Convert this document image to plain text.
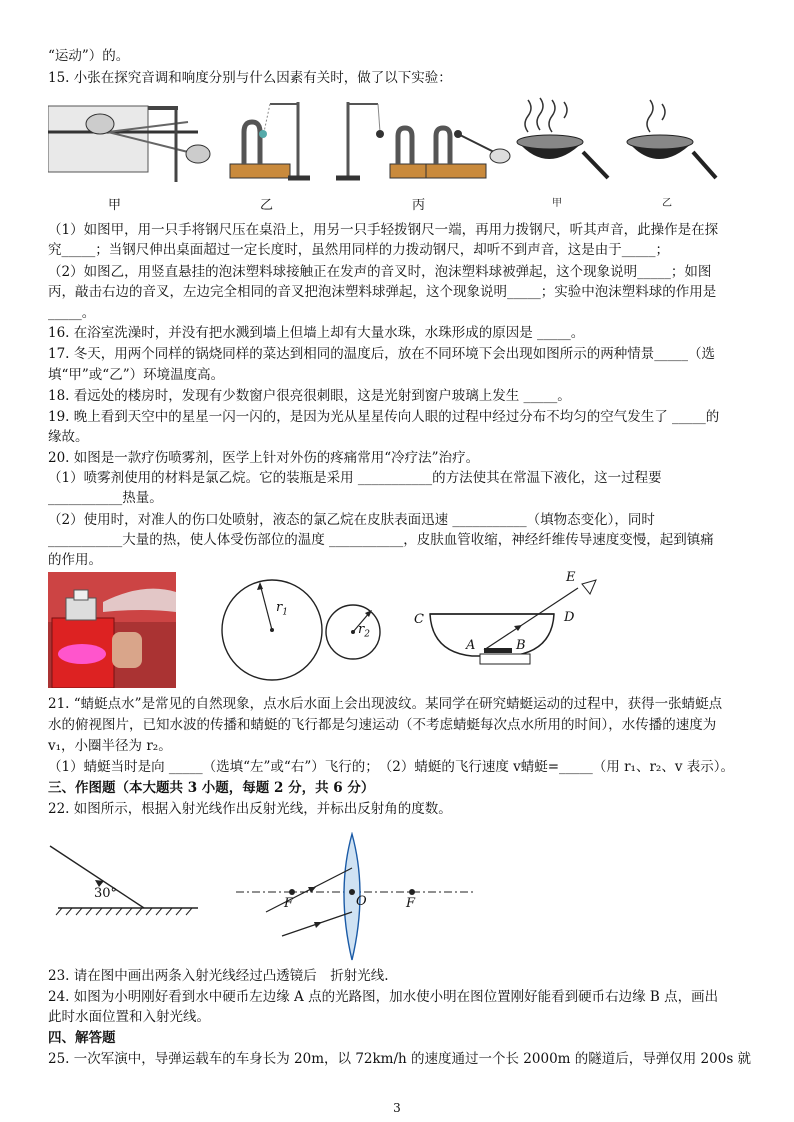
“运动”）的。
15. 小张在探究音调和响度分别与什么因素有关时，做了以下实验：
甲	乙	丙	甲	乙
（1）如图甲，用一只手将钢尺压在桌沿上，用另一只手轻拨钢尺一端，再用力拨钢尺，听其声音，此操作是在探
究_____；当钢尺伸出桌面超过一定长度时，虽然用同样的力拨动钢尺，却听不到声音，这是由于_____；
（2）如图乙，用竖直悬挂的泡沫塑料球接触正在发声的音叉时，泡沫塑料球被弹起，这个现象说明_____；如图
丙，敲击右边的音叉，左边完全相同的音叉把泡沫塑料球弹起，这个现象说明_____；实验中泡沫塑料球的作用是
_____。
16. 在浴室洗澡时，并没有把水溅到墙上但墙上却有大量水珠，水珠形成的原因是 _____。
17. 冬天，用两个同样的锅烧同样的菜达到相同的温度后，放在不同环境下会出现如图所示的两种情景_____（选
填“甲”或“乙”）环境温度高。
18. 看远处的楼房时，发现有少数窗户很亮很刺眼，这是光射到窗户玻璃上发生 _____。
19. 晚上看到天空中的星星一闪一闪的，是因为光从星星传向人眼的过程中经过分布不均匀的空气发生了 _____的
缘故。
20. 如图是一款疗伤喷雾剂，医学上针对外伤的疼痛常用“冷疗法”治疗。
（1）喷雾剂使用的材料是氯乙烷。它的装瓶是采用 ___________的方法使其在常温下液化，这一过程要
___________热量。
（2）使用时，对准人的伤口处喷射，液态的氯乙烷在皮肤表面迅速 ___________（填物态变化），同时
___________大量的热，使人体受伤部位的温度 ___________，皮肤血管收缩，神经纤维传导速度变慢，起到镇痛
的作用。
$r_1$
$r_2$
E
C	D
A	B
21. “蜻蜓点水”是常见的自然现象，点水后水面上会出现波纹。某同学在研究蜻蜓运动的过程中，获得一张蜻蜓点
水的俯视图片，已知水波的传播和蜻蜓的飞行都是匀速运动（不考虑蜻蜓每次点水所用的时间），水传播的速度为
v₁，小圈半径为 r₂。
（1）蜻蜓当时是向 _____（选填“左”或“右”）飞行的；　（2）蜻蜓的飞行速度 v蜻蜓=_____（用 r₁、r₂、v 表示）。
三、作图题（本大题共 3 小题，每题 2 分，共 6 分）
22. 如图所示，根据入射光线作出反射光线，并标出反射角的度数。
30°
F	O	F
23. 请在图中画出两条入射光线经过凸透镜后　折射光线.
24. 如图为小明刚好看到水中硬币左边缘 A 点的光路图，加水使小明在图位置刚好能看到硬币右边缘 B 点，画出
此时水面位置和入射光线。
四、解答题
25. 一次军演中，导弹运载车的车身长为 20m，以 72km/h 的速度通过一个长 2000m 的隧道后，导弹仅用 200s 就
3
